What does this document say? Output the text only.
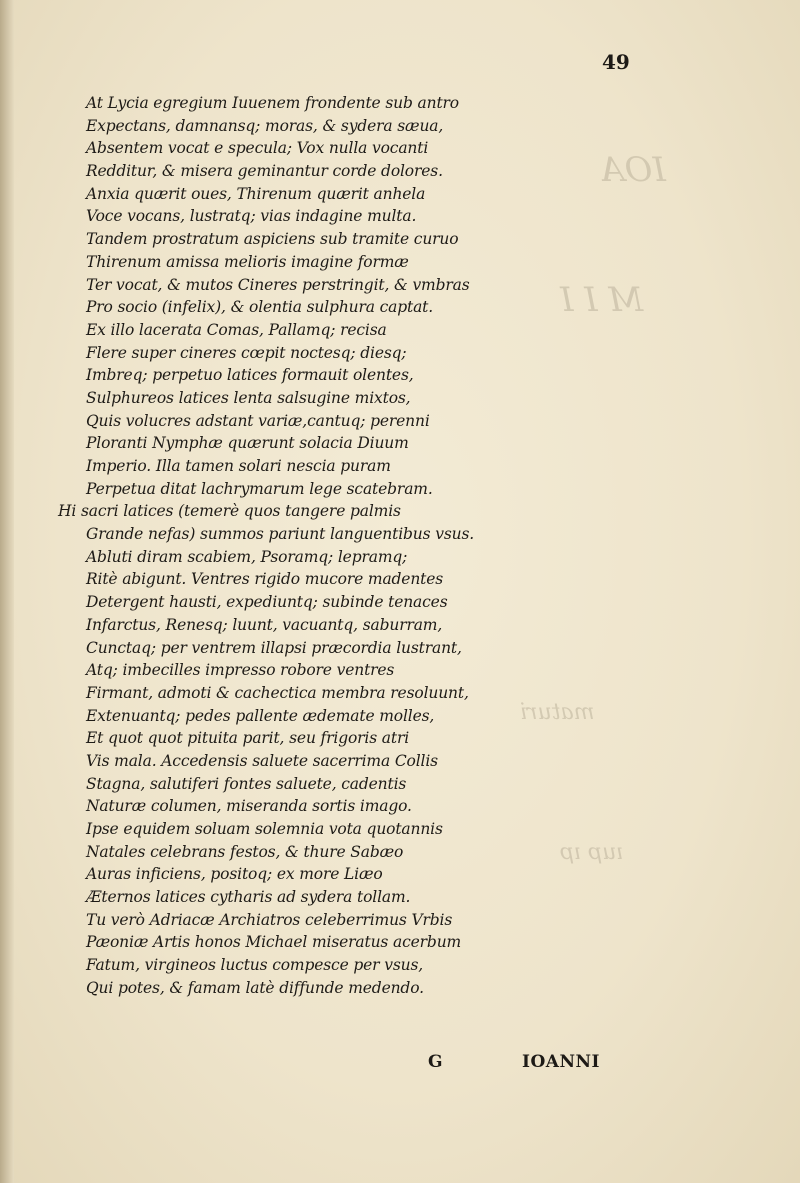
ΙΟΑ
Μ Ι Ι
maturi
ıup ıp
49
At Lycia egregium Iuuenem frondente sub antro
Expectans, damnansq; moras, & sydera sæua,
Absentem vocat e specula; Vox nulla vocanti
Redditur, & misera geminantur corde dolores.
Anxia quærit oues, Thirenum quærit anhela
Voce vocans, lustratq; vias indagine multa.
Tandem prostratum aspiciens sub tramite curuo
Thirenum amissa melioris imagine formæ
Ter vocat, & mutos Cineres perstringit, & vmbras
Pro socio (infelix), & olentia sulphura captat.
Ex illo lacerata Comas, Pallamq; recisa
Flere super cineres cœpit noctesq; diesq;
Imbreq; perpetuo latices formauit olentes,
Sulphureos latices lenta salsugine mixtos,
Quis volucres adstant variæ,cantuq; perenni
Ploranti Nymphæ quærunt solacia Diuum
Imperio. Illa tamen solari nescia puram
Perpetua ditat lachrymarum lege scatebram.
Hi sacri latices (temerè quos tangere palmis
Grande nefas) summos pariunt languentibus vsus.
Abluti diram scabiem, Psoramq; lepramq;
Ritè abigunt. Ventres rigido mucore madentes
Detergent hausti, expediuntq; subinde tenaces
Infarctus, Renesq; luunt, vacuantq, saburram,
Cunctaq; per ventrem illapsi præcordia lustrant,
Atq; imbecilles impresso robore ventres
Firmant, admoti & cachectica membra resoluunt,
Extenuantq; pedes pallente ædemate molles,
Et quot quot pituita parit, seu frigoris atri
Vis mala. Accedensis saluete sacerrima Collis
Stagna, salutiferi fontes saluete, cadentis
Naturæ columen, miseranda sortis imago.
Ipse equidem soluam solemnia vota quotannis
Natales celebrans festos, & thure Sabæo
Auras inficiens, positoq; ex more Liæo
Æternos latices cytharis ad sydera tollam.
Tu verò Adriacæ Archiatros celeberrimus Vrbis
Pæoniæ Artis honos Michael miseratus acerbum
Fatum, virgineos luctus compesce per vsus,
Qui potes, & famam latè diffunde medendo.
G	IOANNI
